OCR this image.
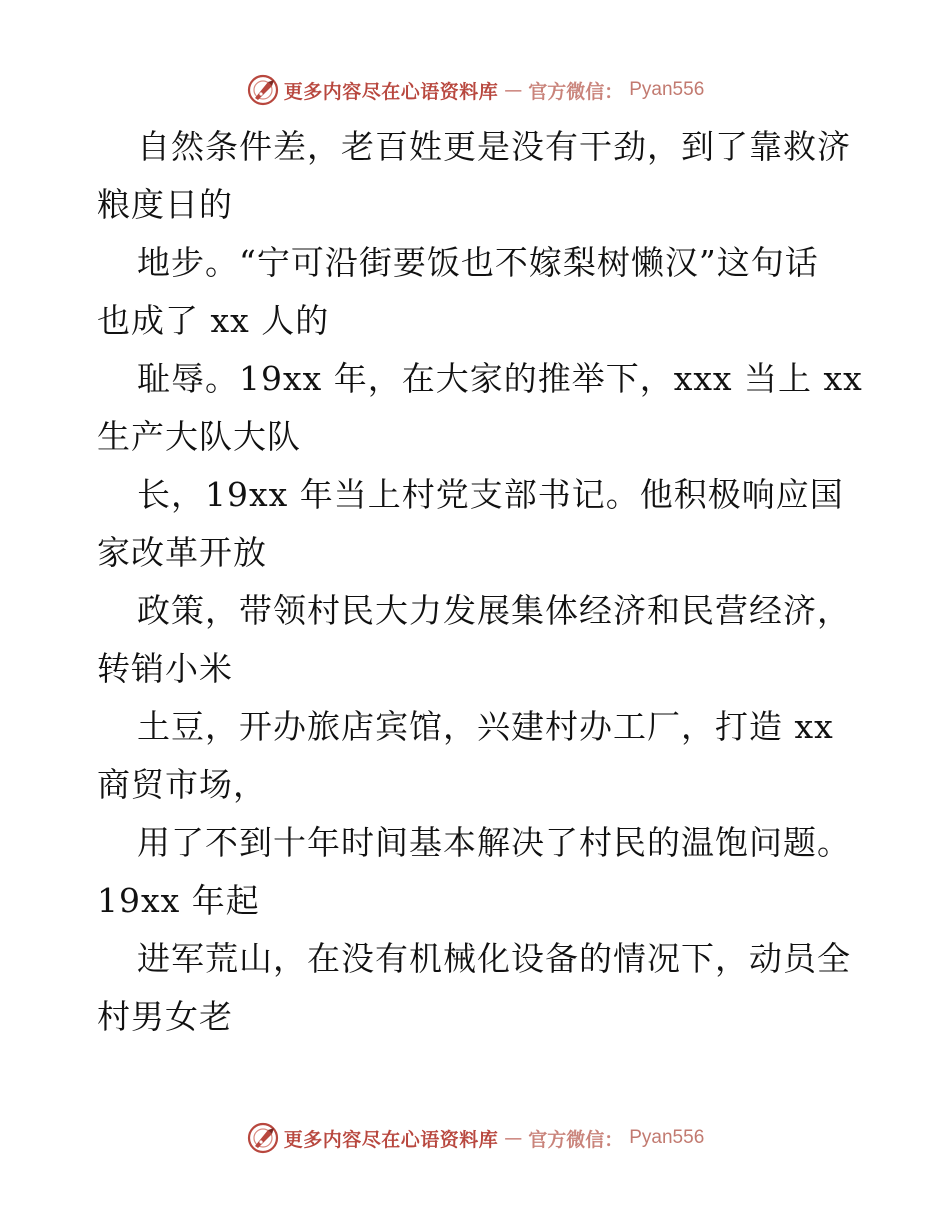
更多内容尽在心语资料库 — 官方微信： Pyan556
自然条件差，老百姓更是没有干劲，到了靠救济
粮度日的
地步。“宁可沿街要饭也不嫁梨树懒汉”这句话
也成了 xx 人的
耻辱。19xx 年，在大家的推举下，xxx 当上 xx
生产大队大队
长，19xx 年当上村党支部书记。他积极响应国
家改革开放
政策，带领村民大力发展集体经济和民营经济，
转销小米
土豆，开办旅店宾馆，兴建村办工厂，打造 xx
商贸市场，
用了不到十年时间基本解决了村民的温饱问题。
19xx 年起
进军荒山，在没有机械化设备的情况下，动员全
村男女老
更多内容尽在心语资料库 — 官方微信： Pyan556
